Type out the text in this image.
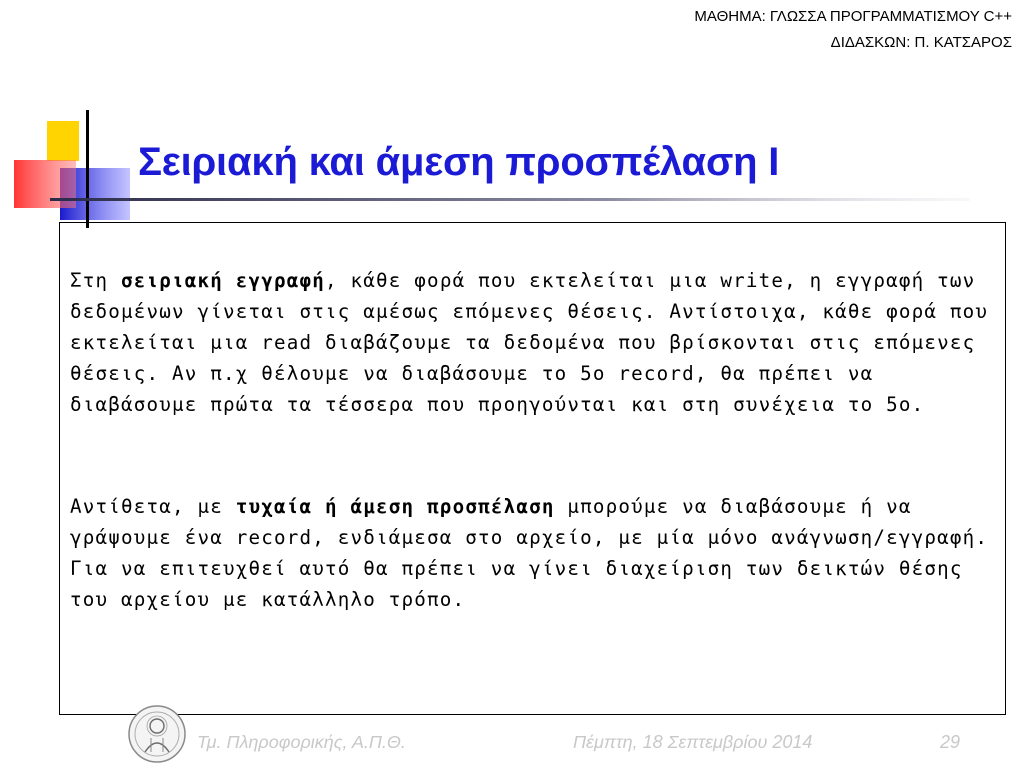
ΜΑΘΗΜΑ: ΓΛΩΣΣΑ ΠΡΟΓΡΑΜΜΑΤΙΣΜΟΥ C++
ΔΙΔΑΣΚΩΝ: Π. ΚΑΤΣΑΡΟΣ
Σειριακή και άμεση προσπέλαση Ι
Στη σειριακή εγγραφή, κάθε φορά που εκτελείται μια write, η εγγραφή των δεδομένων γίνεται στις αμέσως επόμενες θέσεις. Αντίστοιχα, κάθε φορά που εκτελείται μια read διαβάζουμε τα δεδομένα που βρίσκονται στις επόμενες θέσεις. Αν π.χ θέλουμε να διαβάσουμε το 5ο record, θα πρέπει να διαβάσουμε πρώτα τα τέσσερα που προηγούνται και στη συνέχεια το 5ο.
Αντίθετα, με τυχαία ή άμεση προσπέλαση μπορούμε να διαβάσουμε ή να γράψουμε ένα record, ενδιάμεσα στο αρχείο, με μία μόνο ανάγνωση/εγγραφή. Για να επιτευχθεί αυτό θα πρέπει να γίνει διαχείριση των δεικτών θέσης του αρχείου με κατάλληλο τρόπο.
Τμ. Πληροφορικής, Α.Π.Θ.	Πέμπτη, 18 Σεπτεμβρίου 2014	29
